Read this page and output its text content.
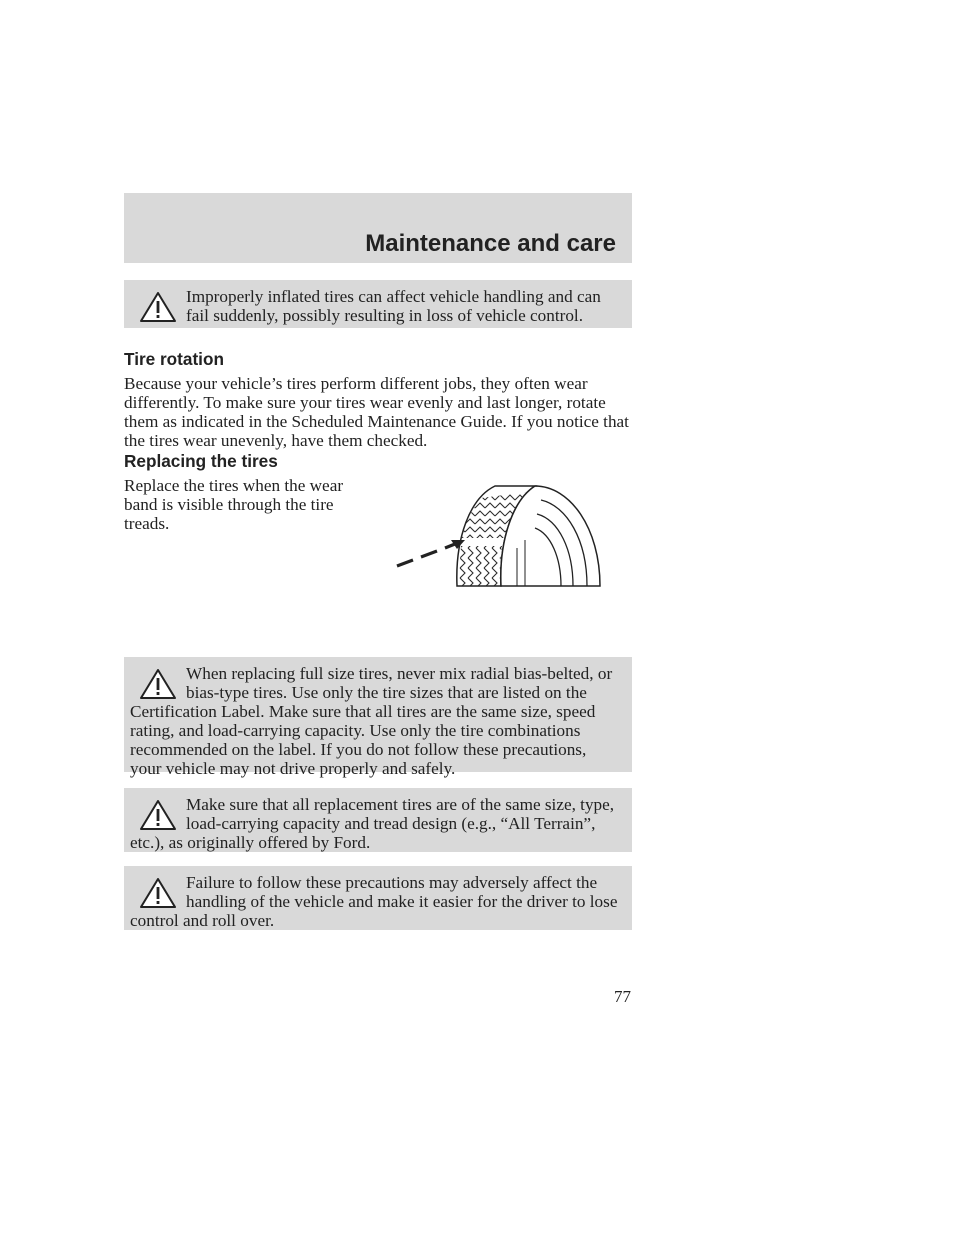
Maintenance and care
Improperly inflated tires can affect vehicle handling and can fail suddenly, possibly resulting in loss of vehicle control.
Tire rotation
Because your vehicle’s tires perform different jobs, they often wear differently. To make sure your tires wear evenly and last longer, rotate them as indicated in the Scheduled Maintenance Guide. If you notice that the tires wear unevenly, have them checked.
Replacing the tires
Replace the tires when the wear band is visible through the tire treads.
When replacing full size tires, never mix radial bias-belted, or bias-type tires. Use only the tire sizes that are listed on the Certification Label. Make sure that all tires are the same size, speed rating, and load-carrying capacity. Use only the tire combinations recommended on the label. If you do not follow these precautions, your vehicle may not drive properly and safely.
Make sure that all replacement tires are of the same size, type, load-carrying capacity and tread design (e.g., “All Terrain”, etc.), as originally offered by Ford.
Failure to follow these precautions may adversely affect the handling of the vehicle and make it easier for the driver to lose control and roll over.
77
